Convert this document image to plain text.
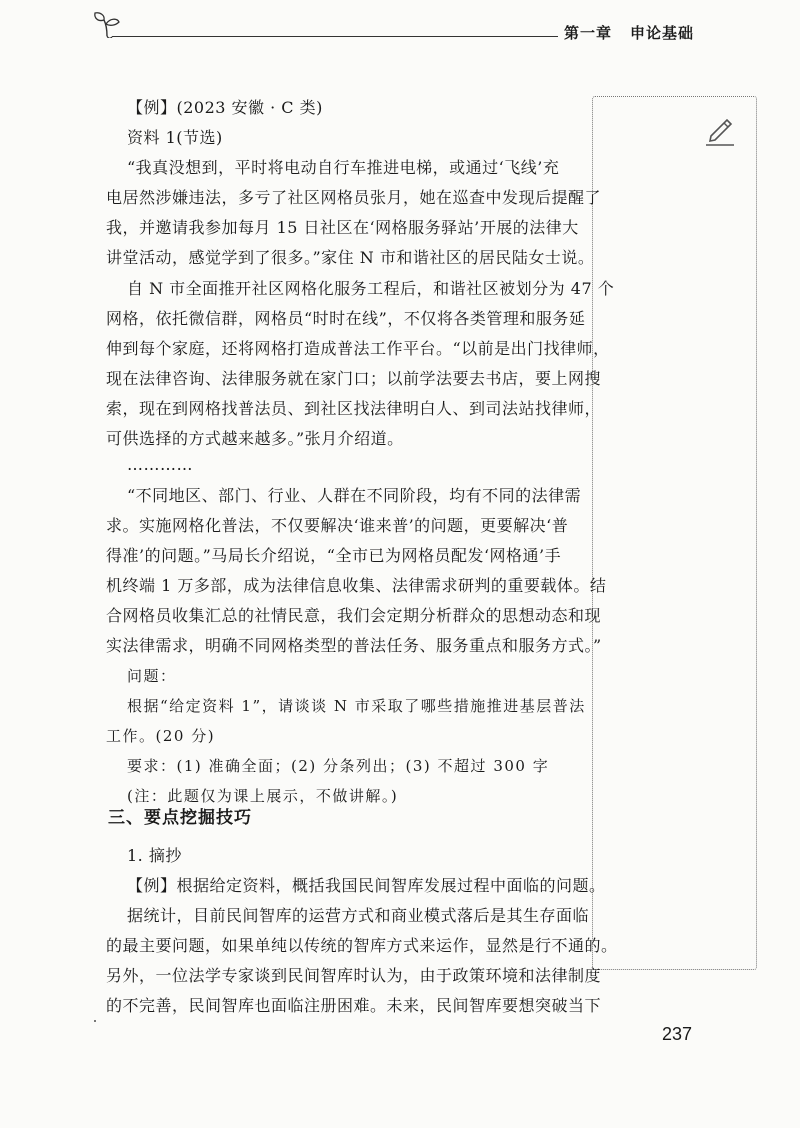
第一章 申论基础
【例】(2023 安徽 · C 类)
资料 1(节选)
“我真没想到，平时将电动自行车推进电梯，或通过‘飞线’充
电居然涉嫌违法，多亏了社区网格员张月，她在巡查中发现后提醒了
我，并邀请我参加每月 15 日社区在‘网格服务驿站’开展的法律大
讲堂活动，感觉学到了很多。”家住 N 市和谐社区的居民陆女士说。
自 N 市全面推开社区网格化服务工程后，和谐社区被划分为 47 个
网格，依托微信群，网格员“时时在线”，不仅将各类管理和服务延
伸到每个家庭，还将网格打造成普法工作平台。“以前是出门找律师，
现在法律咨询、法律服务就在家门口；以前学法要去书店，要上网搜
索，现在到网格找普法员、到社区找法律明白人、到司法站找律师，
可供选择的方式越来越多。”张月介绍道。
…………
“不同地区、部门、行业、人群在不同阶段，均有不同的法律需
求。实施网格化普法，不仅要解决‘谁来普’的问题，更要解决‘普
得准’的问题。”马局长介绍说，“全市已为网格员配发‘网格通’手
机终端 1 万多部，成为法律信息收集、法律需求研判的重要载体。结
合网格员收集汇总的社情民意，我们会定期分析群众的思想动态和现
实法律需求，明确不同网格类型的普法任务、服务重点和服务方式。”
问题：
根据“给定资料 1”，请谈谈 N 市采取了哪些措施推进基层普法
工作。(20 分)
要求：(1) 准确全面；(2) 分条列出；(3) 不超过 300 字
(注：此题仅为课上展示，不做讲解。)
三、要点挖掘技巧
1. 摘抄
【例】根据给定资料，概括我国民间智库发展过程中面临的问题。
据统计，目前民间智库的运营方式和商业模式落后是其生存面临
的最主要问题，如果单纯以传统的智库方式来运作，显然是行不通的。
另外，一位法学专家谈到民间智库时认为，由于政策环境和法律制度
的不完善，民间智库也面临注册困难。未来，民间智库要想突破当下
237
